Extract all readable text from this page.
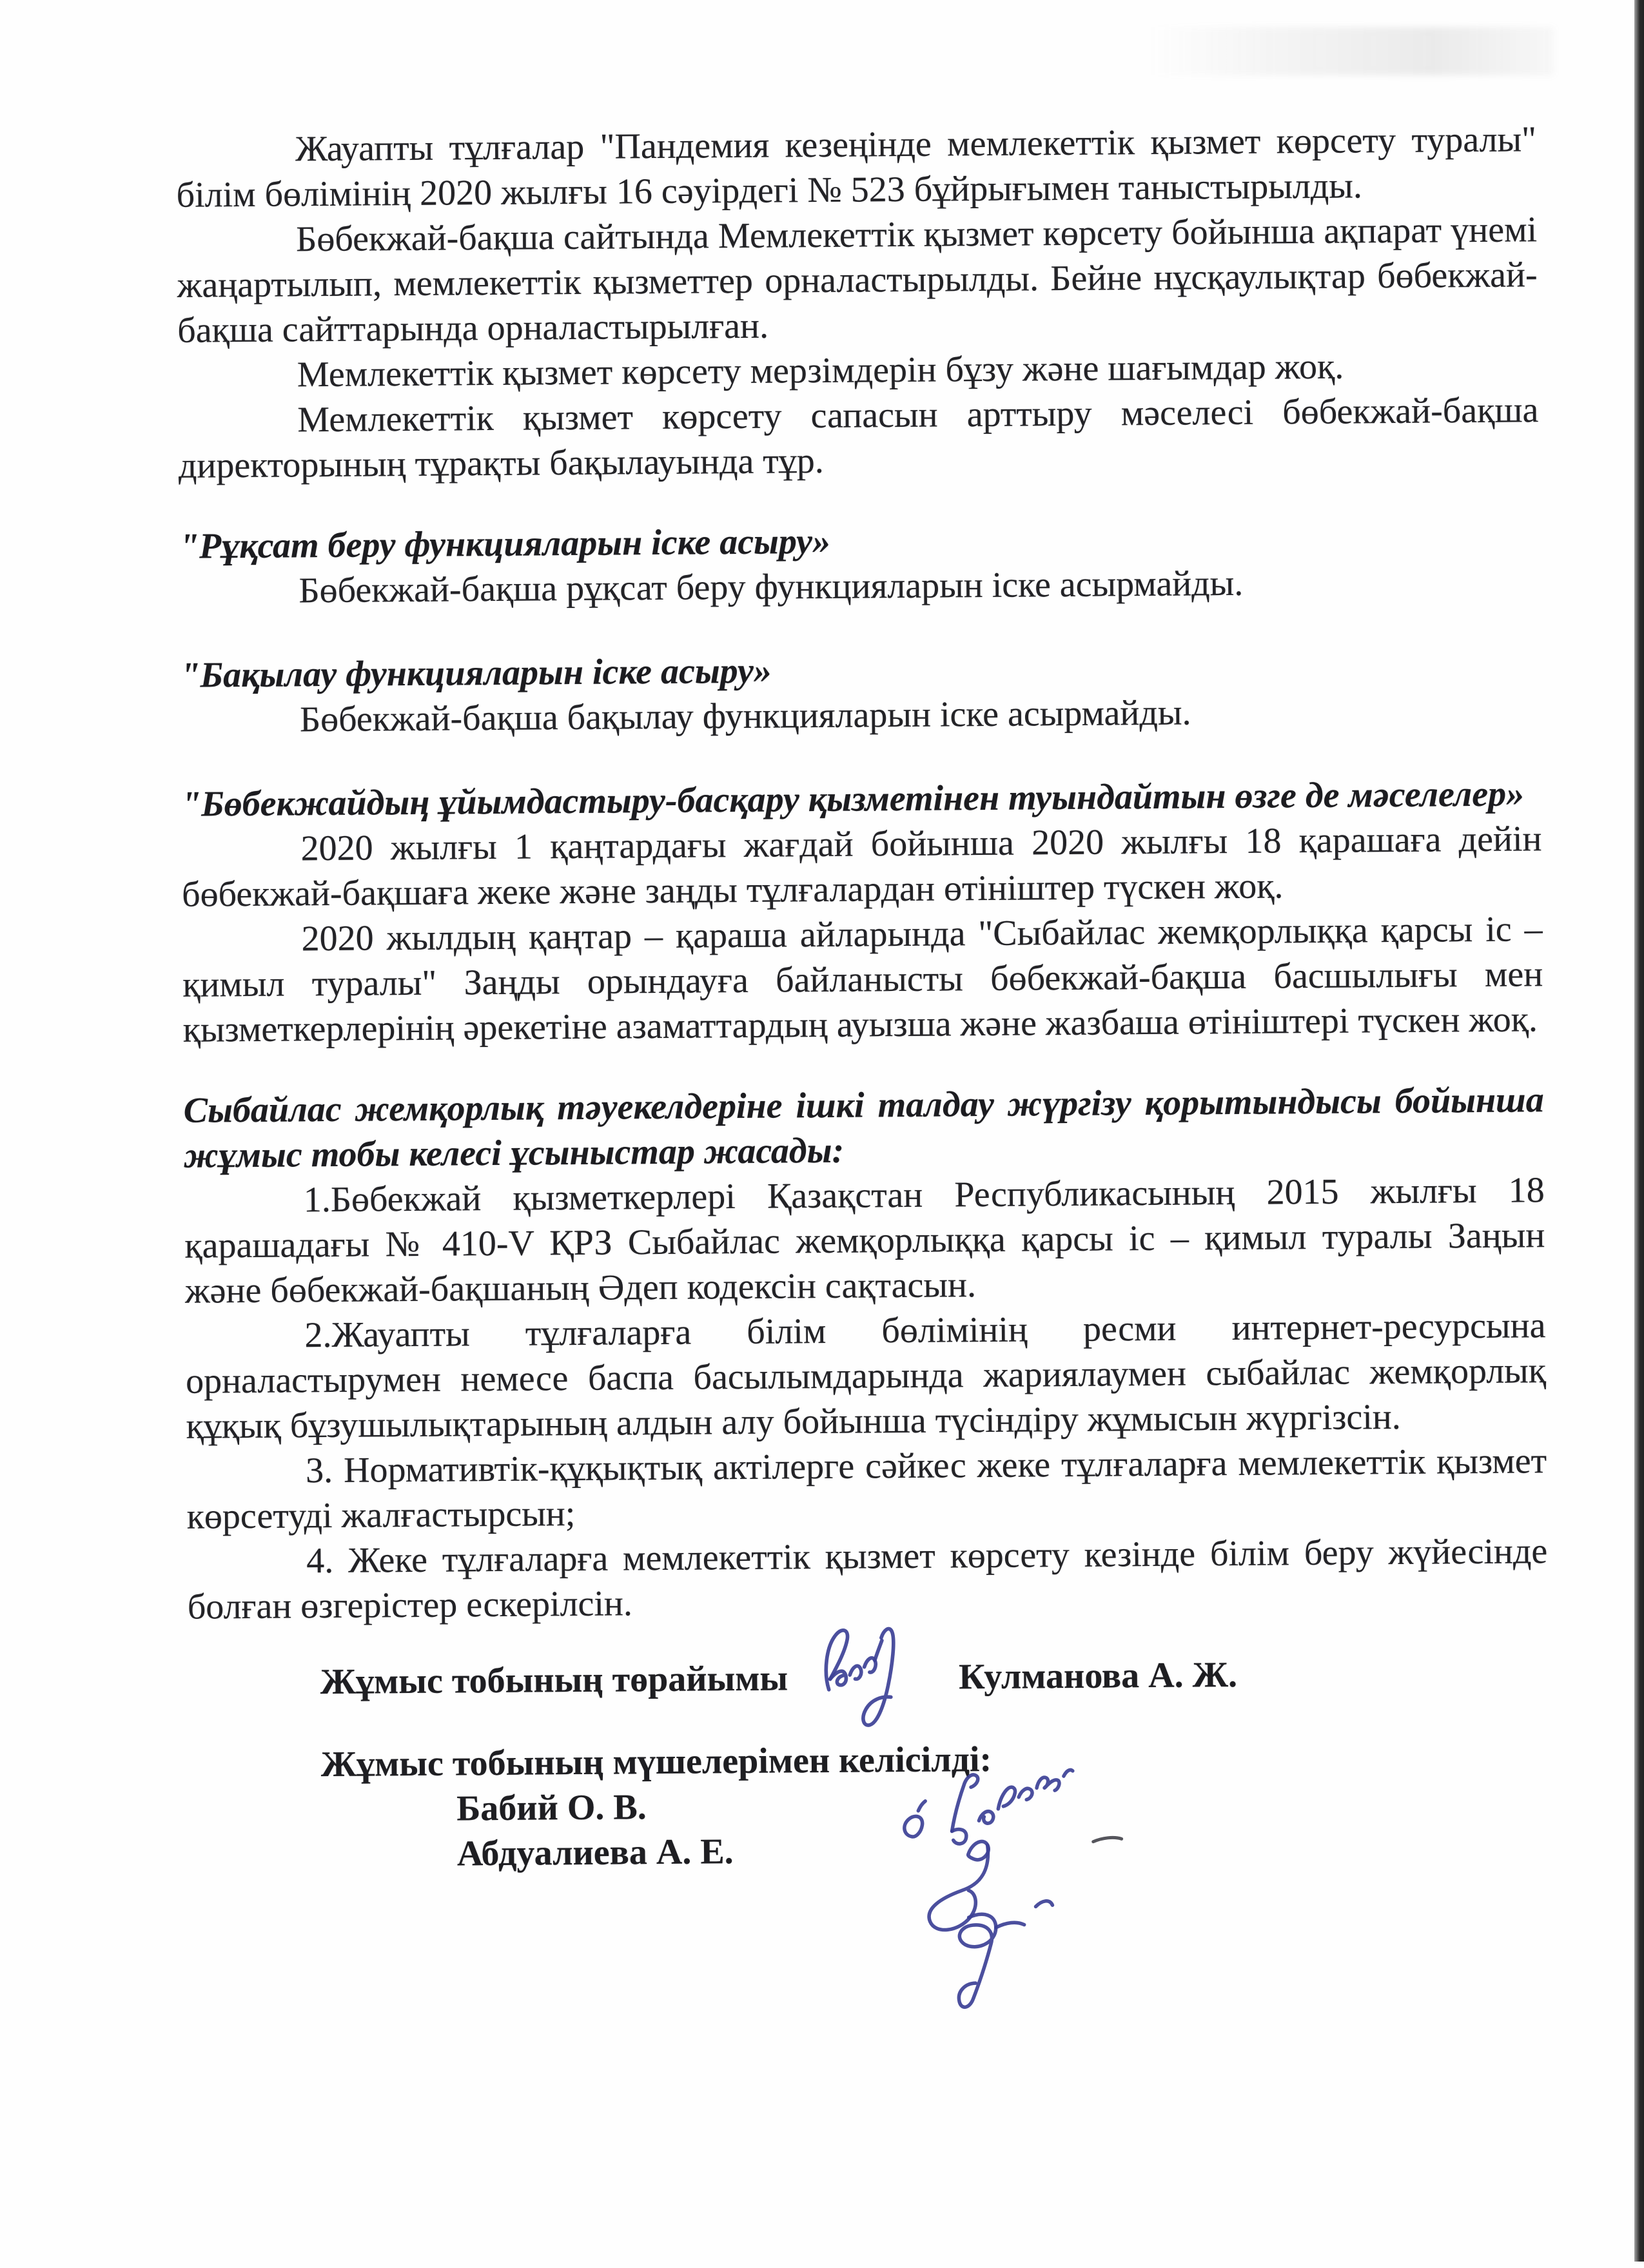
Жауапты тұлғалар "Пандемия кезеңінде мемлекеттік қызмет көрсету туралы" білім бөлімінің 2020 жылғы 16 сәуірдегі № 523 бұйрығымен таныстырылды.

Бөбекжай-бақша сайтында Мемлекеттік қызмет көрсету бойынша ақпарат үнемі жаңартылып, мемлекеттік қызметтер орналастырылды. Бейне нұсқаулықтар бөбекжай-бақша сайттарында орналастырылған.

Мемлекеттік қызмет көрсету мерзімдерін бұзу және шағымдар жоқ.

Мемлекеттік қызмет көрсету сапасын арттыру мәселесі бөбекжай-бақша директорының тұрақты бақылауында тұр.

"Рұқсат беру функцияларын іске асыру»

Бөбекжай-бақша рұқсат беру функцияларын іске асырмайды.

"Бақылау функцияларын іске асыру»

Бөбекжай-бақша бақылау функцияларын іске асырмайды.

"Бөбекжайдың ұйымдастыру-басқару қызметінен туындайтын өзге де мәселелер»

2020 жылғы 1 қаңтардағы жағдай бойынша 2020 жылғы 18 қарашаға дейін бөбекжай-бақшаға жеке және заңды тұлғалардан өтініштер түскен жоқ.

2020 жылдың қаңтар – қараша айларында "Сыбайлас жемқорлыққа қарсы іс – қимыл туралы" Заңды орындауға байланысты бөбекжай-бақша басшылығы мен қызметкерлерінің әрекетіне азаматтардың ауызша және жазбаша өтініштері түскен жоқ.

Сыбайлас жемқорлық тәуекелдеріне ішкі талдау жүргізу қорытындысы бойынша жұмыс тобы келесі ұсыныстар жасады:

1.Бөбекжай қызметкерлері Қазақстан Республикасының 2015 жылғы 18 қарашадағы № 410-V ҚРЗ Сыбайлас жемқорлыққа қарсы іс – қимыл туралы Заңын және бөбекжай-бақшаның Әдеп кодексін сақтасын.

2.Жауапты тұлғаларға білім бөлімінің ресми интернет-ресурсына орналастырумен немесе баспа басылымдарында жариялаумен сыбайлас жемқорлық құқық бұзушылықтарының алдын алу бойынша түсіндіру жұмысын жүргізсін.

3. Нормативтік-құқықтық актілерге сәйкес жеке тұлғаларға мемлекеттік қызмет көрсетуді жалғастырсын;

4. Жеке тұлғаларға мемлекеттік қызмет көрсету кезінде білім беру жүйесінде болған өзгерістер ескерілсін.

Жұмыс тобының төрайымы	Кулманова А. Ж.
Жұмыс тобының мүшелерімен келісілді:
Бабий О. В.
Абдуалиева А. Е.
